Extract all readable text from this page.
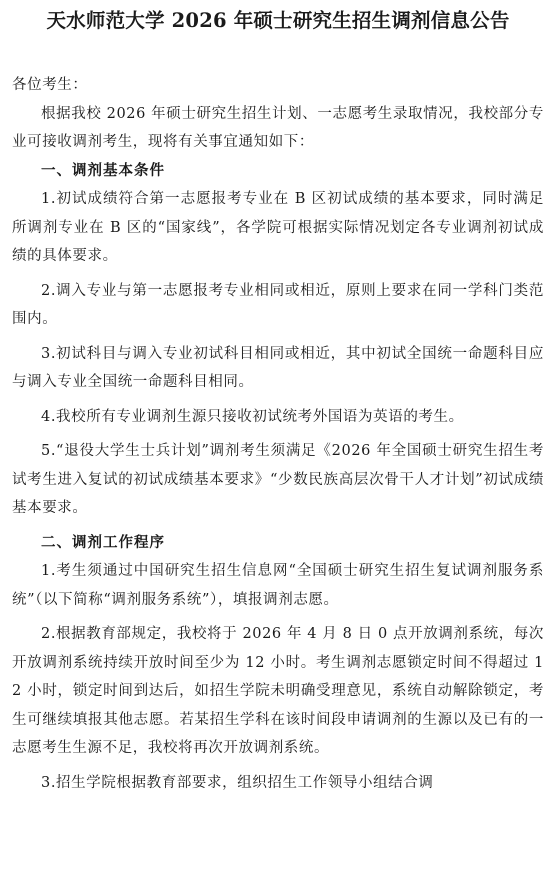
天水师范大学 2026 年硕士研究生招生调剂信息公告

各位考生：

根据我校 2026 年硕士研究生招生计划、一志愿考生录取情况，我校部分专业可接收调剂考生，现将有关事宜通知如下：

一、调剂基本条件

1.初试成绩符合第一志愿报考专业在 B 区初试成绩的基本要求，同时满足所调剂专业在 B 区的“国家线”，各学院可根据实际情况划定各专业调剂初试成绩的具体要求。

2.调入专业与第一志愿报考专业相同或相近，原则上要求在同一学科门类范围内。

3.初试科目与调入专业初试科目相同或相近，其中初试全国统一命题科目应与调入专业全国统一命题科目相同。

4.我校所有专业调剂生源只接收初试统考外国语为英语的考生。

5.“退役大学生士兵计划”调剂考生须满足《2026 年全国硕士研究生招生考试考生进入复试的初试成绩基本要求》“少数民族高层次骨干人才计划”初试成绩基本要求。

二、调剂工作程序

1.考生须通过中国研究生招生信息网“全国硕士研究生招生复试调剂服务系统”（以下简称“调剂服务系统”），填报调剂志愿。

2.根据教育部规定，我校将于 2026 年 4 月 8 日 0 点开放调剂系统，每次开放调剂系统持续开放时间至少为 12 小时。考生调剂志愿锁定时间不得超过 12 小时，锁定时间到达后，如招生学院未明确受理意见，系统自动解除锁定，考生可继续填报其他志愿。若某招生学科在该时间段申请调剂的生源以及已有的一志愿考生生源不足，我校将再次开放调剂系统。

3.招生学院根据教育部要求，组织招生工作领导小组结合调
